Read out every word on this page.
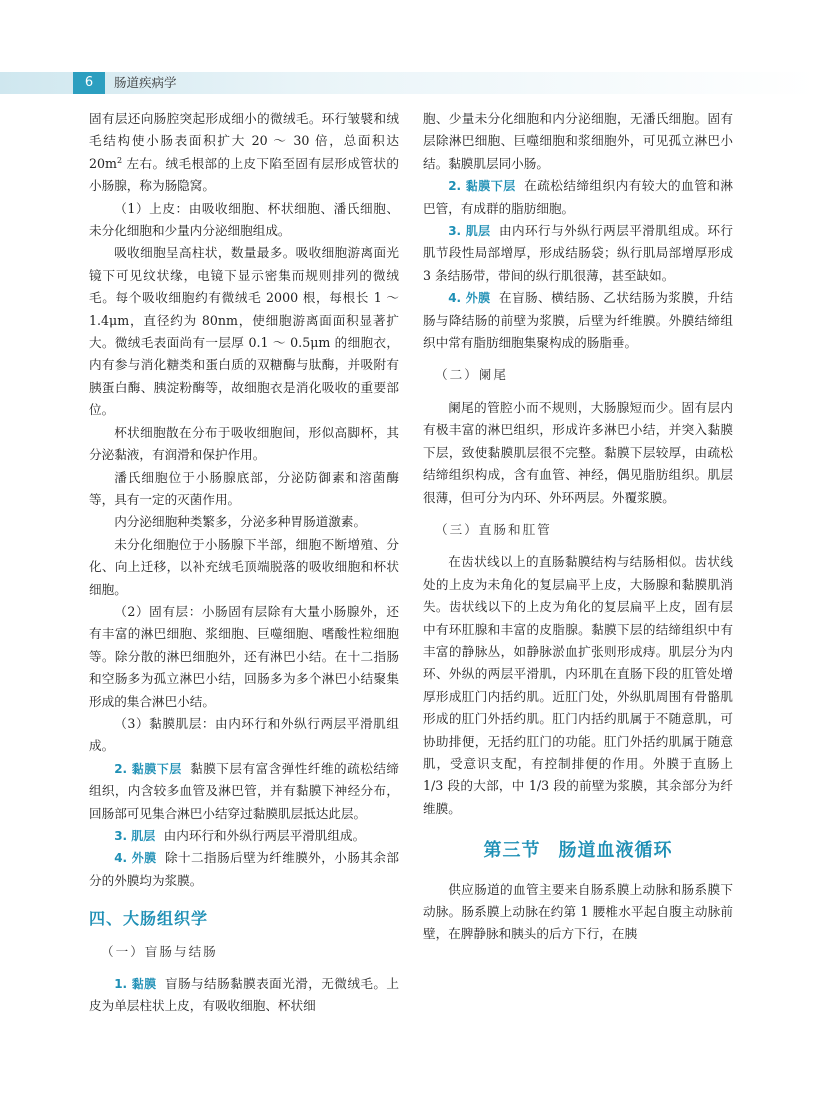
6	肠道疾病学

固有层还向肠腔突起形成细小的微绒毛。环行皱襞和绒毛结构使小肠表面积扩大 20 ～ 30 倍，总面积达 $20m^2$ 左右。绒毛根部的上皮下陷至固有层形成管状的小肠腺，称为肠隐窝。

（1）上皮：由吸收细胞、杯状细胞、潘氏细胞、未分化细胞和少量内分泌细胞组成。

吸收细胞呈高柱状，数量最多。吸收细胞游离面光镜下可见纹状缘，电镜下显示密集而规则排列的微绒毛。每个吸收细胞约有微绒毛 2000 根，每根长 1 ～ 1.4μm，直径约为 80nm，使细胞游离面面积显著扩大。微绒毛表面尚有一层厚 0.1 ～ 0.5μm 的细胞衣，内有参与消化糖类和蛋白质的双糖酶与肽酶，并吸附有胰蛋白酶、胰淀粉酶等，故细胞衣是消化吸收的重要部位。

杯状细胞散在分布于吸收细胞间，形似高脚杯，其分泌黏液，有润滑和保护作用。

潘氏细胞位于小肠腺底部，分泌防御素和溶菌酶等，具有一定的灭菌作用。

内分泌细胞种类繁多，分泌多种胃肠道激素。

未分化细胞位于小肠腺下半部，细胞不断增殖、分化、向上迁移，以补充绒毛顶端脱落的吸收细胞和杯状细胞。

（2）固有层：小肠固有层除有大量小肠腺外，还有丰富的淋巴细胞、浆细胞、巨噬细胞、嗜酸性粒细胞等。除分散的淋巴细胞外，还有淋巴小结。在十二指肠和空肠多为孤立淋巴小结，回肠多为多个淋巴小结聚集形成的集合淋巴小结。

（3）黏膜肌层：由内环行和外纵行两层平滑肌组成。

2. 黏膜下层 黏膜下层有富含弹性纤维的疏松结缔组织，内含较多血管及淋巴管，并有黏膜下神经分布，回肠部可见集合淋巴小结穿过黏膜肌层抵达此层。

3. 肌层 由内环行和外纵行两层平滑肌组成。

4. 外膜 除十二指肠后壁为纤维膜外，小肠其余部分的外膜均为浆膜。

四、大肠组织学
（一）盲肠与结肠

1. 黏膜 盲肠与结肠黏膜表面光滑，无微绒毛。上皮为单层柱状上皮，有吸收细胞、杯状细

胞、少量未分化细胞和内分泌细胞，无潘氏细胞。固有层除淋巴细胞、巨噬细胞和浆细胞外，可见孤立淋巴小结。黏膜肌层同小肠。

2. 黏膜下层 在疏松结缔组织内有较大的血管和淋巴管，有成群的脂肪细胞。

3. 肌层 由内环行与外纵行两层平滑肌组成。环行肌节段性局部增厚，形成结肠袋；纵行肌局部增厚形成 3 条结肠带，带间的纵行肌很薄，甚至缺如。

4. 外膜 在盲肠、横结肠、乙状结肠为浆膜，升结肠与降结肠的前壁为浆膜，后壁为纤维膜。外膜结缔组织中常有脂肪细胞集聚构成的肠脂垂。

（二）阑尾

阑尾的管腔小而不规则，大肠腺短而少。固有层内有极丰富的淋巴组织，形成许多淋巴小结，并突入黏膜下层，致使黏膜肌层很不完整。黏膜下层较厚，由疏松结缔组织构成，含有血管、神经，偶见脂肪组织。肌层很薄，但可分为内环、外环两层。外覆浆膜。

（三）直肠和肛管

在齿状线以上的直肠黏膜结构与结肠相似。齿状线处的上皮为未角化的复层扁平上皮，大肠腺和黏膜肌消失。齿状线以下的上皮为角化的复层扁平上皮，固有层中有环肛腺和丰富的皮脂腺。黏膜下层的结缔组织中有丰富的静脉丛，如静脉淤血扩张则形成痔。肌层分为内环、外纵的两层平滑肌，内环肌在直肠下段的肛管处增厚形成肛门内括约肌。近肛门处，外纵肌周围有骨骼肌形成的肛门外括约肌。肛门内括约肌属于不随意肌，可协助排便，无括约肛门的功能。肛门外括约肌属于随意肌，受意识支配，有控制排便的作用。外膜于直肠上 1/3 段的大部，中 1/3 段的前壁为浆膜，其余部分为纤维膜。

第三节 肠道血液循环

供应肠道的血管主要来自肠系膜上动脉和肠系膜下动脉。肠系膜上动脉在约第 1 腰椎水平起自腹主动脉前壁，在脾静脉和胰头的后方下行，在胰
